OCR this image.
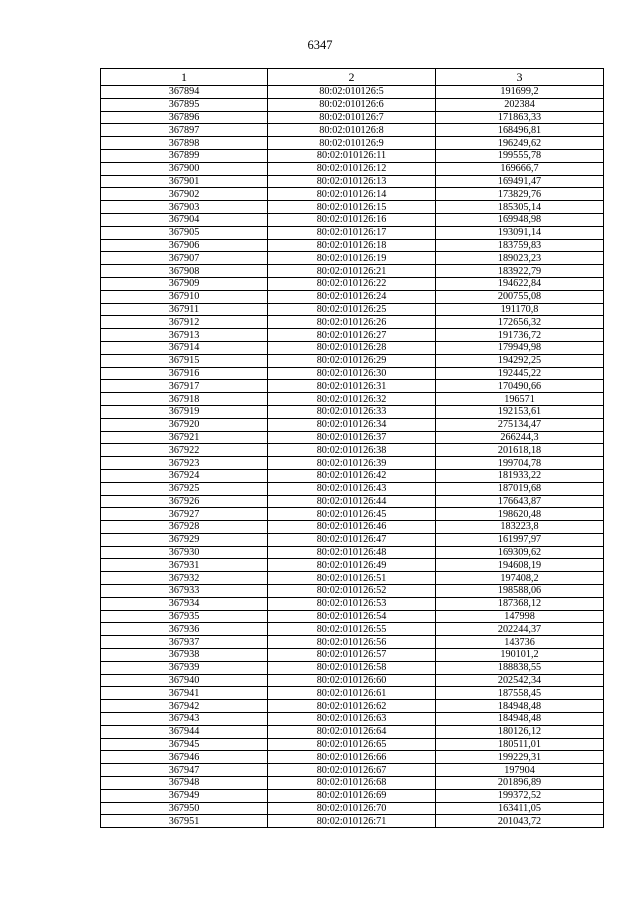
6347
1	2	3
367894	80:02:010126:5	191699,2
367895	80:02:010126:6	202384
367896	80:02:010126:7	171863,33
367897	80:02:010126:8	168496,81
367898	80:02:010126:9	196249,62
367899	80:02:010126:11	199555,78
367900	80:02:010126:12	169666,7
367901	80:02:010126:13	169491,47
367902	80:02:010126:14	173829,76
367903	80:02:010126:15	185305,14
367904	80:02:010126:16	169948,98
367905	80:02:010126:17	193091,14
367906	80:02:010126:18	183759,83
367907	80:02:010126:19	189023,23
367908	80:02:010126:21	183922,79
367909	80:02:010126:22	194622,84
367910	80:02:010126:24	200755,08
367911	80:02:010126:25	191170,8
367912	80:02:010126:26	172656,32
367913	80:02:010126:27	191736,72
367914	80:02:010126:28	179949,98
367915	80:02:010126:29	194292,25
367916	80:02:010126:30	192445,22
367917	80:02:010126:31	170490,66
367918	80:02:010126:32	196571
367919	80:02:010126:33	192153,61
367920	80:02:010126:34	275134,47
367921	80:02:010126:37	266244,3
367922	80:02:010126:38	201618,18
367923	80:02:010126:39	199704,78
367924	80:02:010126:42	181933,22
367925	80:02:010126:43	187019,68
367926	80:02:010126:44	176643,87
367927	80:02:010126:45	198620,48
367928	80:02:010126:46	183223,8
367929	80:02:010126:47	161997,97
367930	80:02:010126:48	169309,62
367931	80:02:010126:49	194608,19
367932	80:02:010126:51	197408,2
367933	80:02:010126:52	198588,06
367934	80:02:010126:53	187368,12
367935	80:02:010126:54	147998
367936	80:02:010126:55	202244,37
367937	80:02:010126:56	143736
367938	80:02:010126:57	190101,2
367939	80:02:010126:58	188838,55
367940	80:02:010126:60	202542,34
367941	80:02:010126:61	187558,45
367942	80:02:010126:62	184948,48
367943	80:02:010126:63	184948,48
367944	80:02:010126:64	180126,12
367945	80:02:010126:65	180511,01
367946	80:02:010126:66	199229,31
367947	80:02:010126:67	197904
367948	80:02:010126:68	201896,89
367949	80:02:010126:69	199372,52
367950	80:02:010126:70	163411,05
367951	80:02:010126:71	201043,72
